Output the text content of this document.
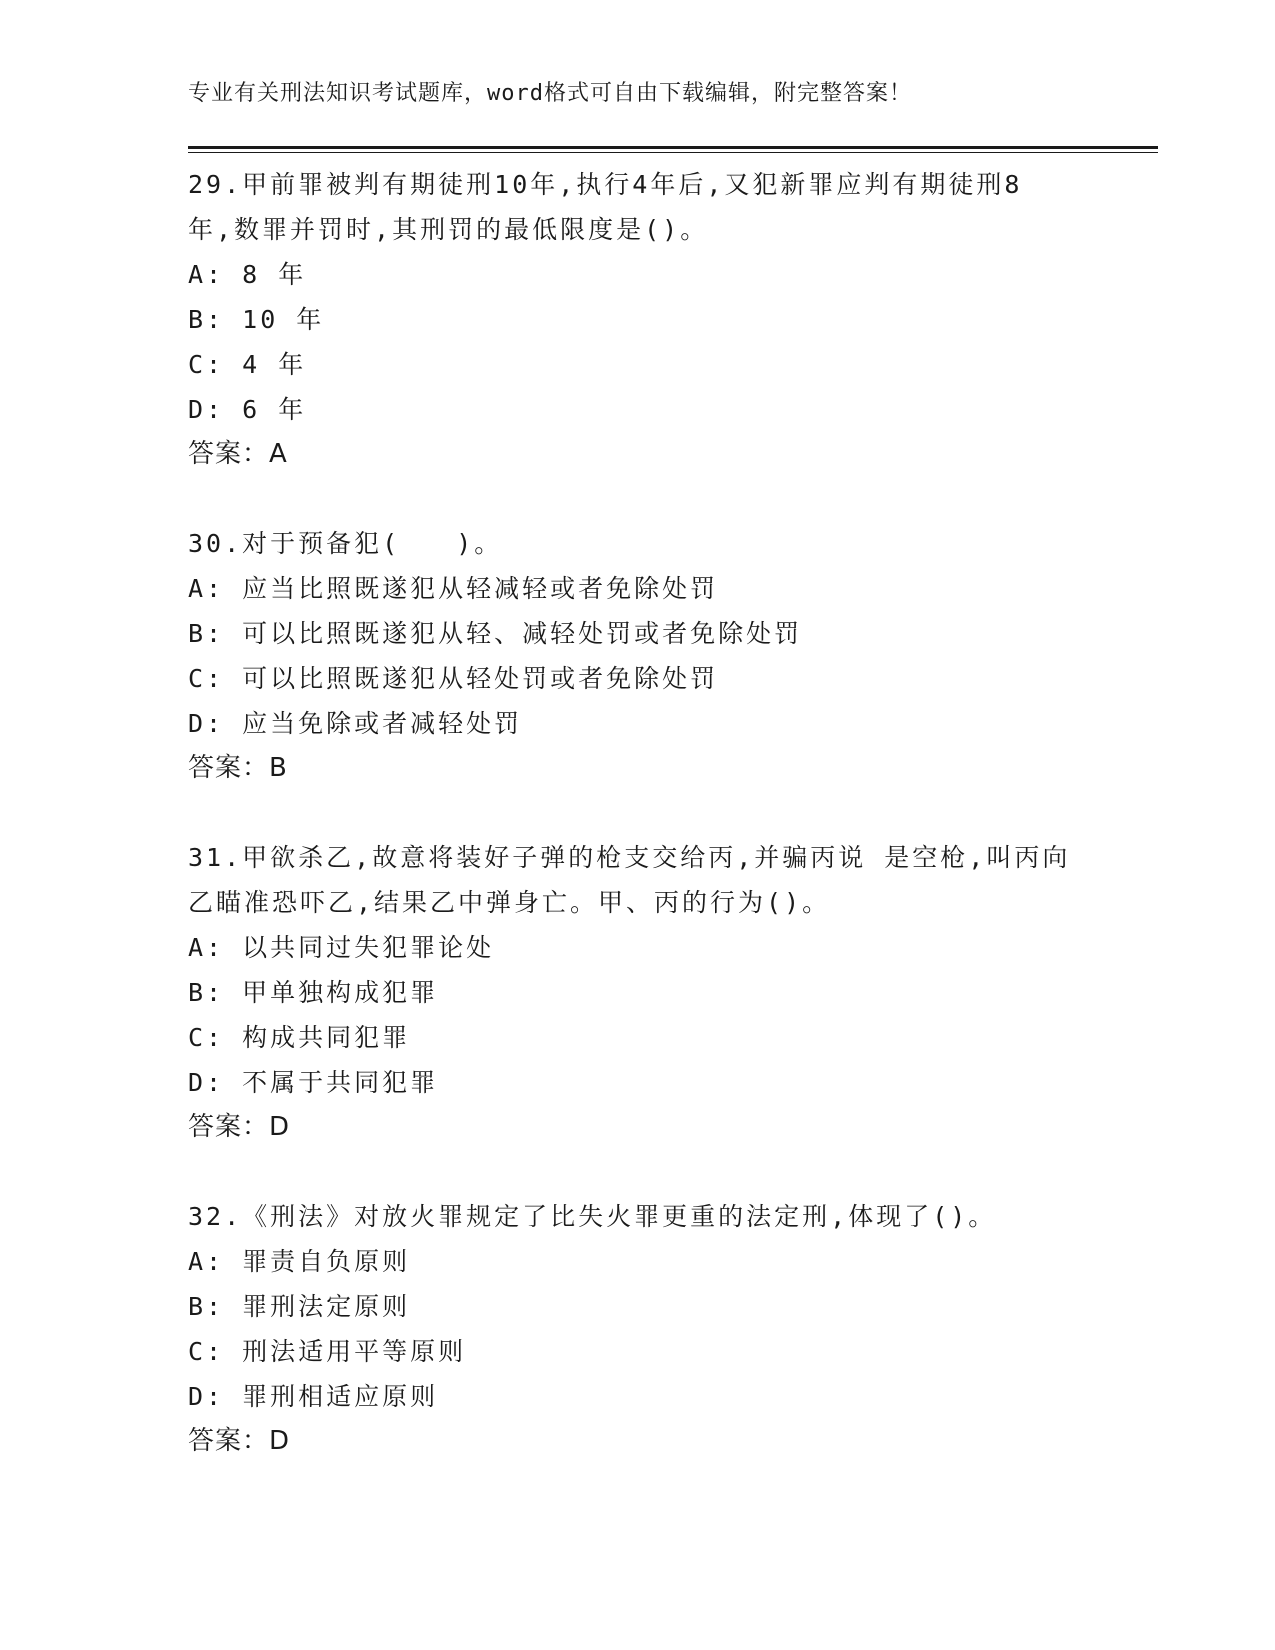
专业有关刑法知识考试题库，word格式可自由下载编辑，附完整答案！

29.甲前罪被判有期徒刑10年,执行4年后,又犯新罪应判有期徒刑8

年,数罪并罚时,其刑罚的最低限度是()。

A: 8 年

B: 10 年

C: 4 年

D: 6 年

答案：A

30.对于预备犯(　　)。

A: 应当比照既遂犯从轻减轻或者免除处罚

B: 可以比照既遂犯从轻、减轻处罚或者免除处罚

C: 可以比照既遂犯从轻处罚或者免除处罚

D: 应当免除或者减轻处罚

答案：B

31.甲欲杀乙,故意将装好子弹的枪支交给丙,并骗丙说 是空枪,叫丙向

乙瞄准恐吓乙,结果乙中弹身亡。甲、丙的行为()。

A: 以共同过失犯罪论处

B: 甲单独构成犯罪

C: 构成共同犯罪

D: 不属于共同犯罪

答案：D

32.《刑法》对放火罪规定了比失火罪更重的法定刑,体现了()。

A: 罪责自负原则

B: 罪刑法定原则

C: 刑法适用平等原则

D: 罪刑相适应原则

答案：D
